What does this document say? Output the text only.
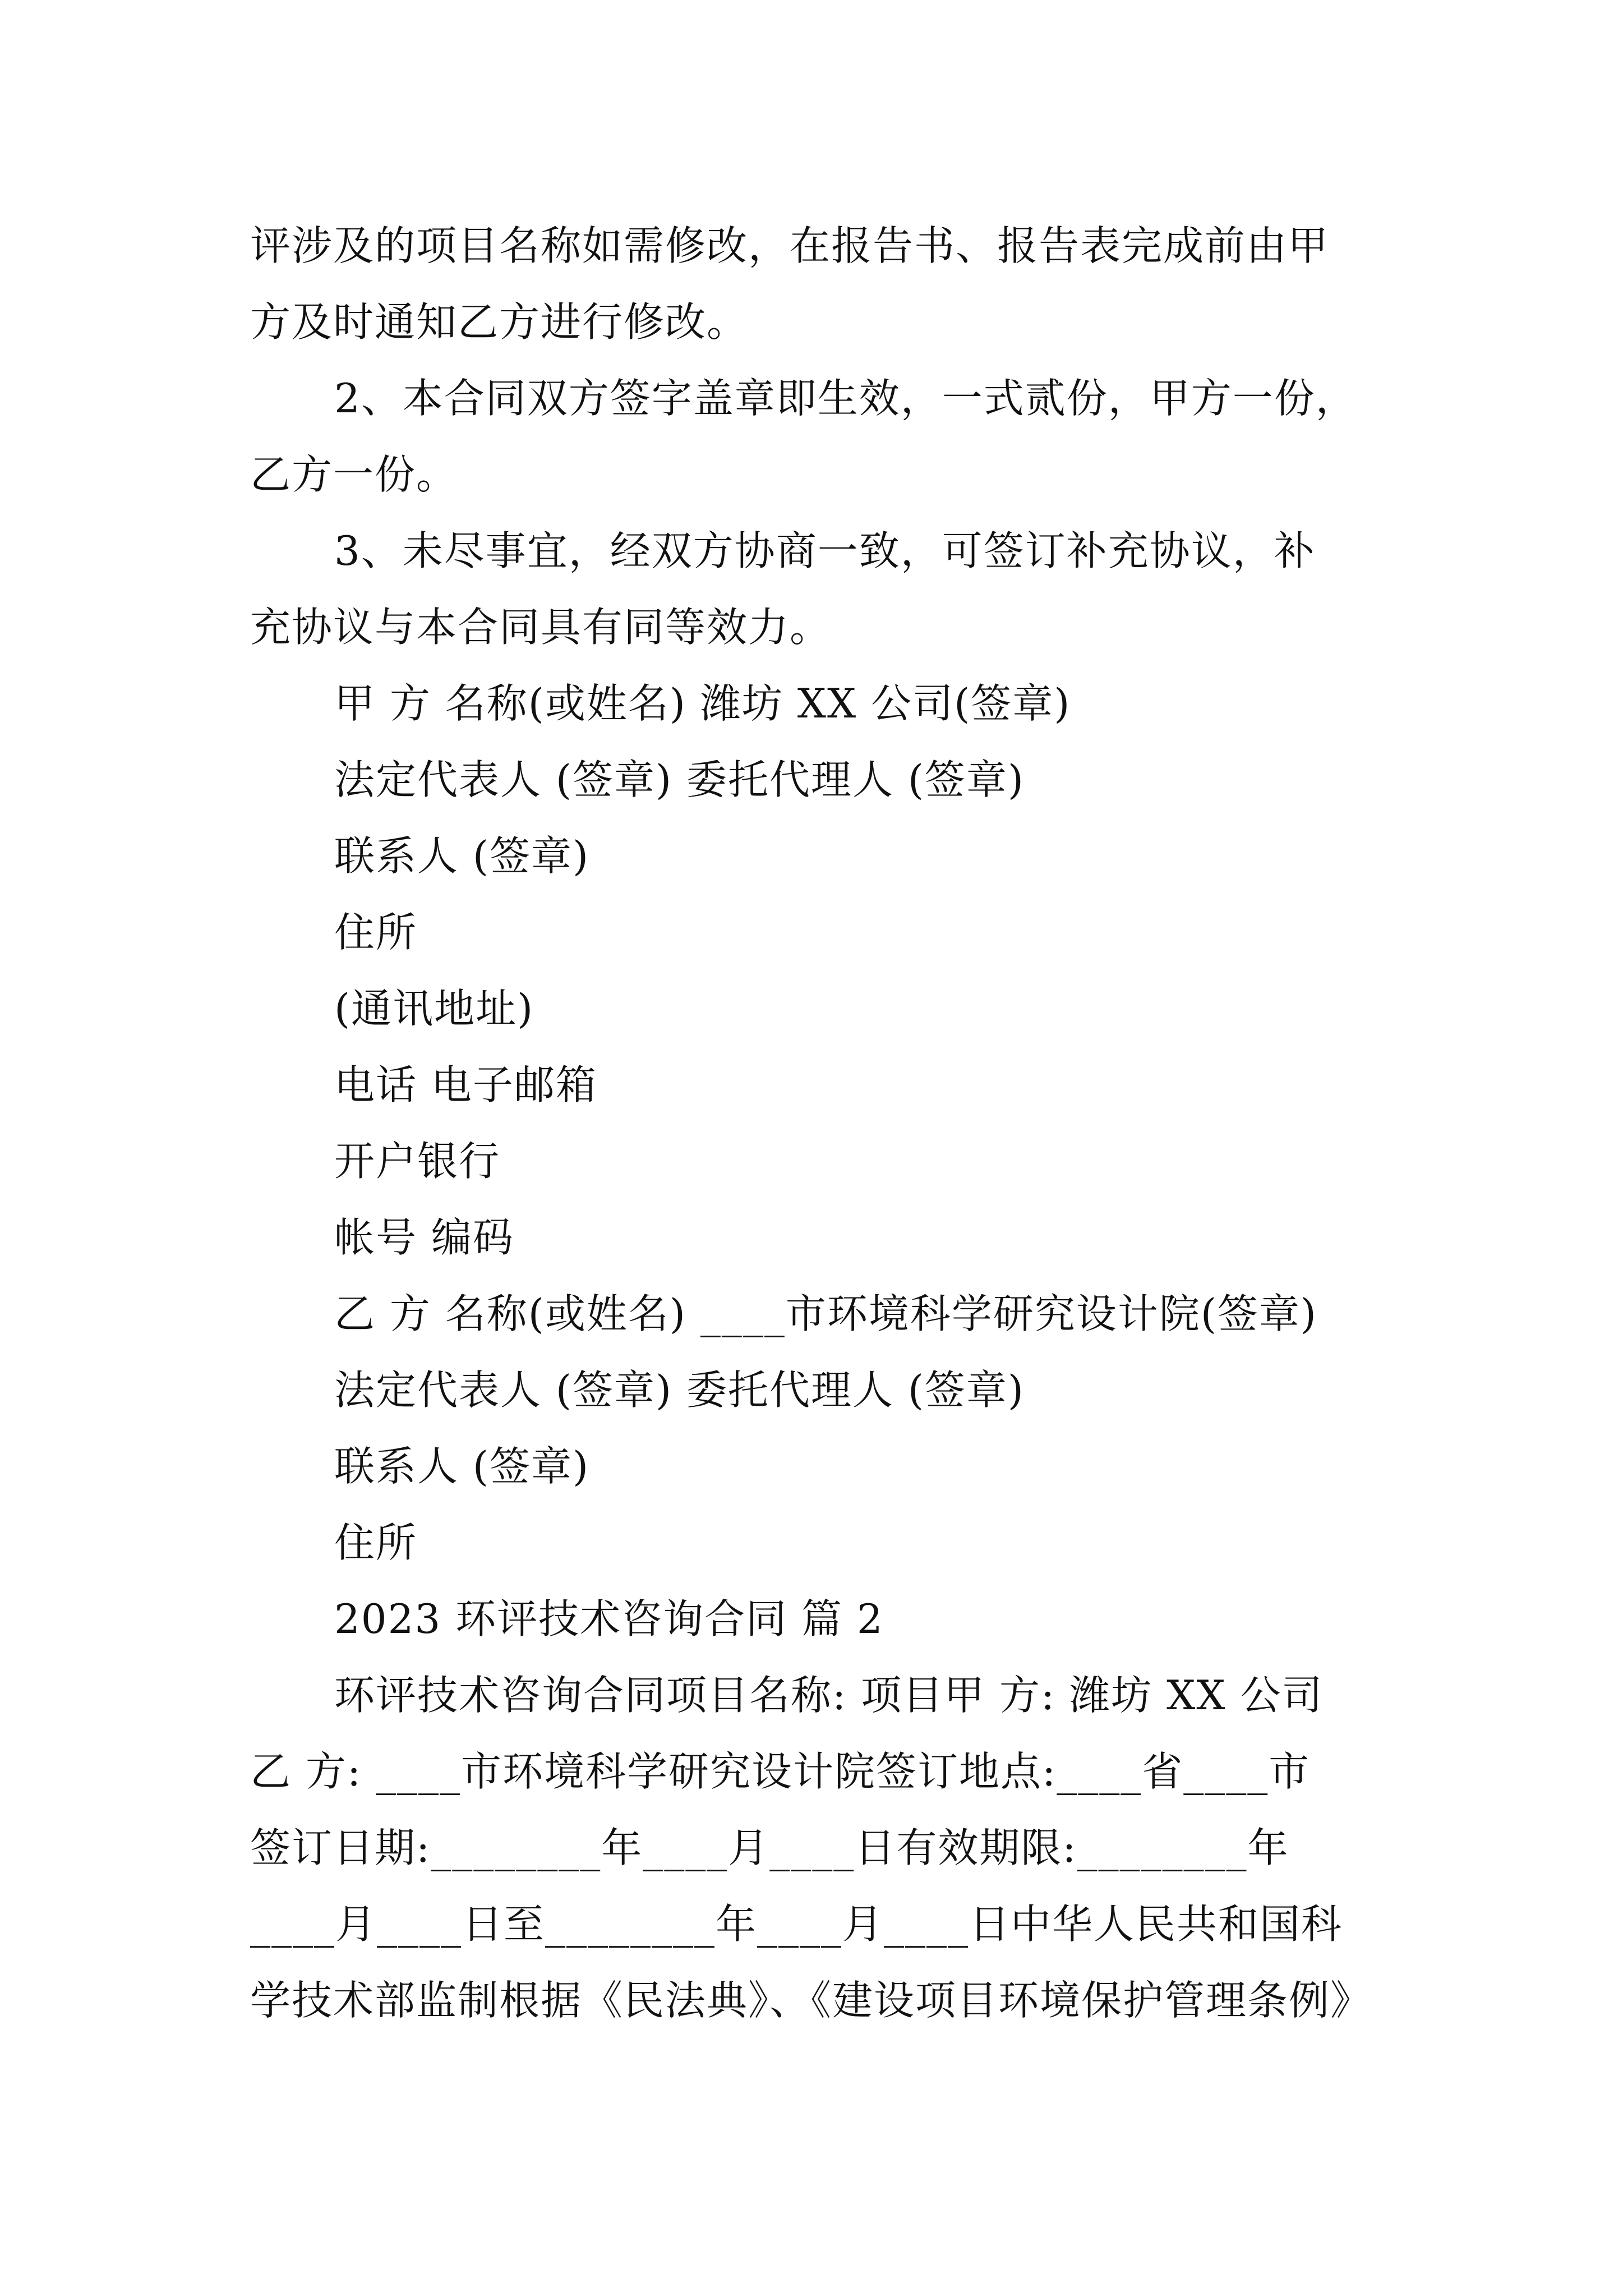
评涉及的项目名称如需修改，在报告书、报告表完成前由甲

方及时通知乙方进行修改。

2、本合同双方签字盖章即生效，一式贰份，甲方一份，

乙方一份。

3、未尽事宜，经双方协商一致，可签订补充协议，补

充协议与本合同具有同等效力。

甲 方 名称(或姓名) 潍坊 XX 公司(签章)

法定代表人 (签章) 委托代理人 (签章)

联系人 (签章)

住所

(通讯地址)

电话 电子邮箱

开户银行

帐号 编码

乙 方 名称(或姓名) ____市环境科学研究设计院(签章)

法定代表人 (签章) 委托代理人 (签章)

联系人 (签章)

住所

2023 环评技术咨询合同 篇 2

环评技术咨询合同项目名称: 项目甲 方: 潍坊 XX 公司

乙 方: ____市环境科学研究设计院签订地点:____省____市

签订日期:________年____月____日有效期限:________年

____月____日至________年____月____日中华人民共和国科

学技术部监制根据《民法典》、《建设项目环境保护管理条例》
